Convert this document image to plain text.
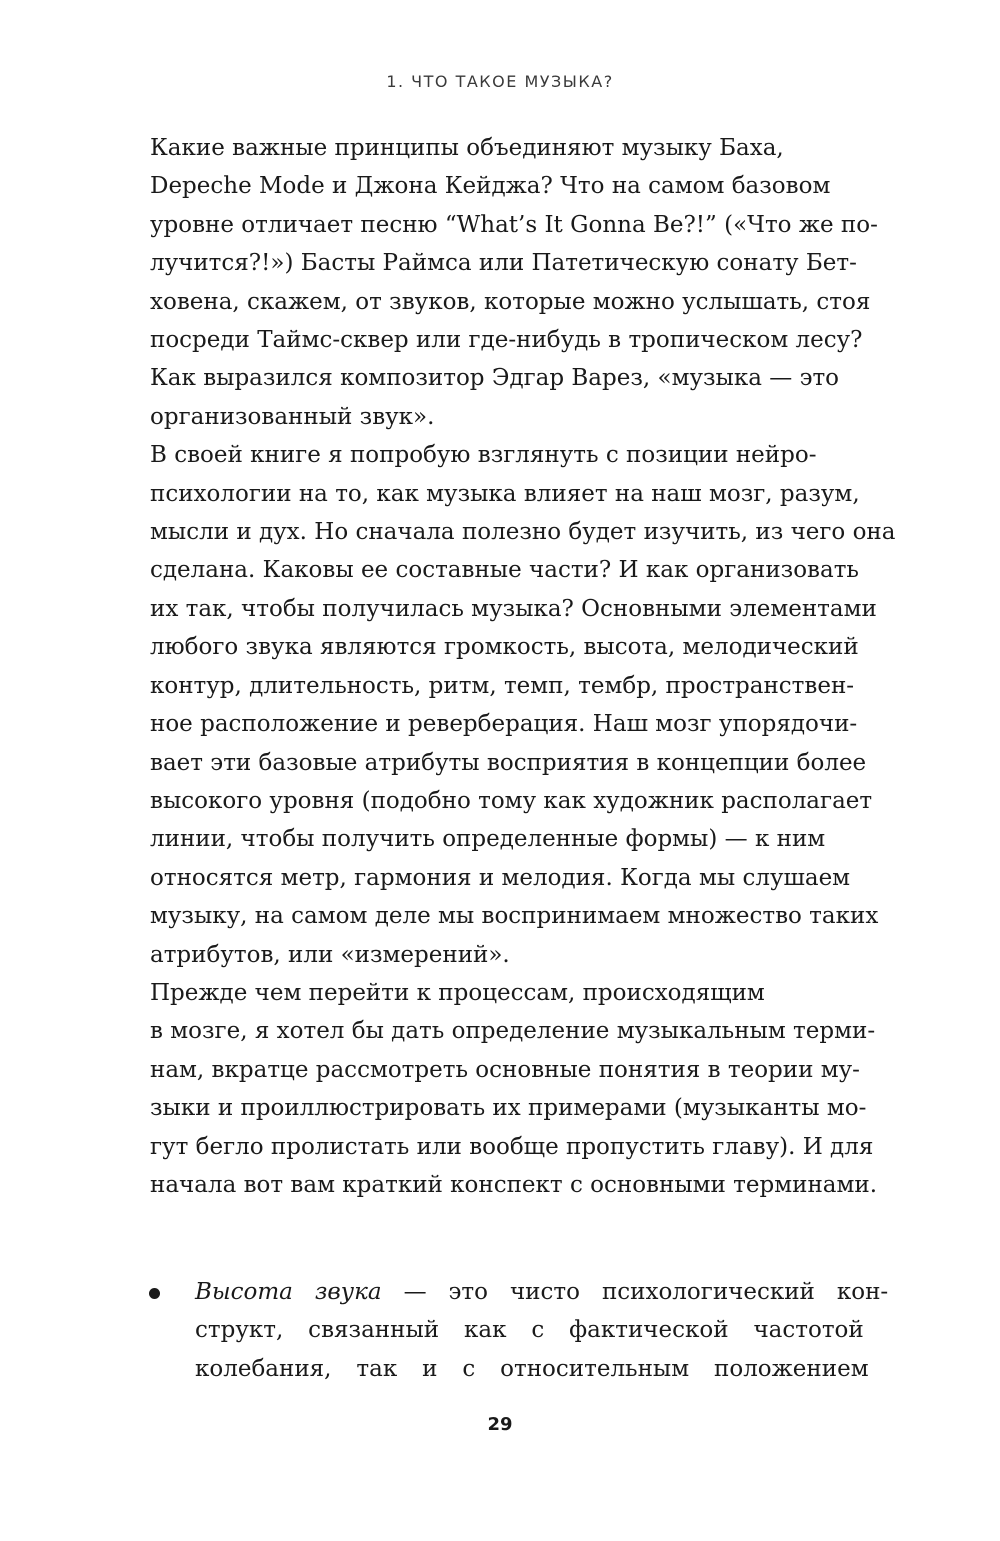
1. ЧТО ТАКОЕ МУЗЫКА?

Какие важные принципы объединяют музыку Баха,
Depeche Mode и Джона Кейджа? Что на самом базовом
уровне отличает песню “What’s It Gonna Be?!” («Что же по-
лучится?!») Басты Раймса или Патетическую сонату Бет-
ховена, скажем, от звуков, которые можно услышать, стоя
посреди Таймс-сквер или где-нибудь в тропическом лесу?
Как выразился композитор Эдгар Варез, «музыка — это
организованный звук».

В своей книге я попробую взглянуть с позиции нейро-
психологии на то, как музыка влияет на наш мозг, разум,
мысли и дух. Но сначала полезно будет изучить, из чего она
сделана. Каковы ее составные части? И как организовать
их так, чтобы получилась музыка? Основными элементами
любого звука являются громкость, высота, мелодический
контур, длительность, ритм, темп, тембр, пространствен-
ное расположение и реверберация. Наш мозг упорядочи-
вает эти базовые атрибуты восприятия в концепции более
высокого уровня (подобно тому как художник располагает
линии, чтобы получить определенные формы) — к ним
относятся метр, гармония и мелодия. Когда мы слушаем
музыку, на самом деле мы воспринимаем множество таких
атрибутов, или «измерений».

Прежде чем перейти к процессам, происходящим
в мозге, я хотел бы дать определение музыкальным терми-
нам, вкратце рассмотреть основные понятия в теории му-
зыки и проиллюстрировать их примерами (музыканты мо-
гут бегло пролистать или вообще пропустить главу). И для
начала вот вам краткий конспект с основными терминами.

Высота звука — это чисто психологический кон-
структ, связанный как с фактической частотой
колебания, так и с относительным положением
29
